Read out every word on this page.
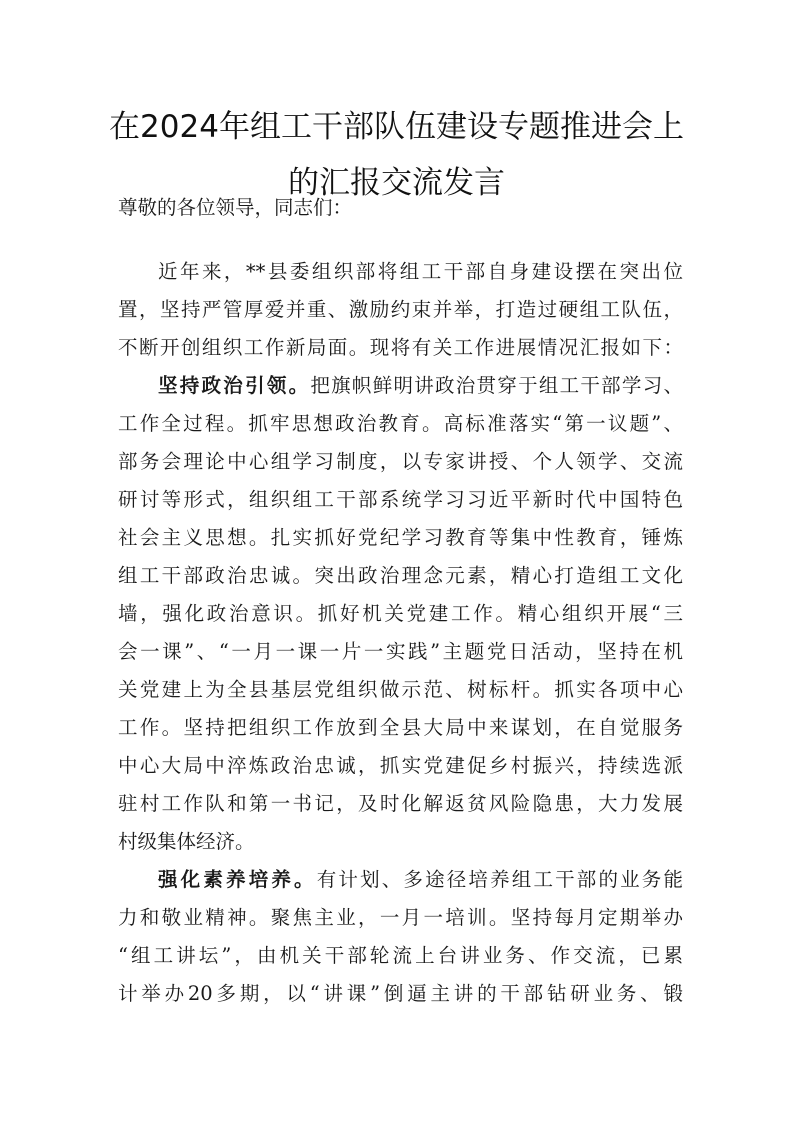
在2024年组工干部队伍建设专题推进会上
的汇报交流发言
尊敬的各位领导，同志们：
近年来，**县委组织部将组工干部自身建设摆在突出位
置，坚持严管厚爱并重、激励约束并举，打造过硬组工队伍，
不断开创组织工作新局面。现将有关工作进展情况汇报如下：
坚持政治引领。把旗帜鲜明讲政治贯穿于组工干部学习、
工作全过程。抓牢思想政治教育。高标准落实“第一议题”、
部务会理论中心组学习制度，以专家讲授、个人领学、交流
研讨等形式，组织组工干部系统学习习近平新时代中国特色
社会主义思想。扎实抓好党纪学习教育等集中性教育，锤炼
组工干部政治忠诚。突出政治理念元素，精心打造组工文化
墙，强化政治意识。抓好机关党建工作。精心组织开展“三
会一课”、“一月一课一片一实践”主题党日活动，坚持在机
关党建上为全县基层党组织做示范、树标杆。抓实各项中心
工作。坚持把组织工作放到全县大局中来谋划，在自觉服务
中心大局中淬炼政治忠诚，抓实党建促乡村振兴，持续选派
驻村工作队和第一书记，及时化解返贫风险隐患，大力发展
村级集体经济。
强化素养培养。有计划、多途径培养组工干部的业务能
力和敬业精神。聚焦主业，一月一培训。坚持每月定期举办
“组工讲坛”，由机关干部轮流上台讲业务、作交流，已累
计举办20多期，以“讲课”倒逼主讲的干部钻研业务、锻
